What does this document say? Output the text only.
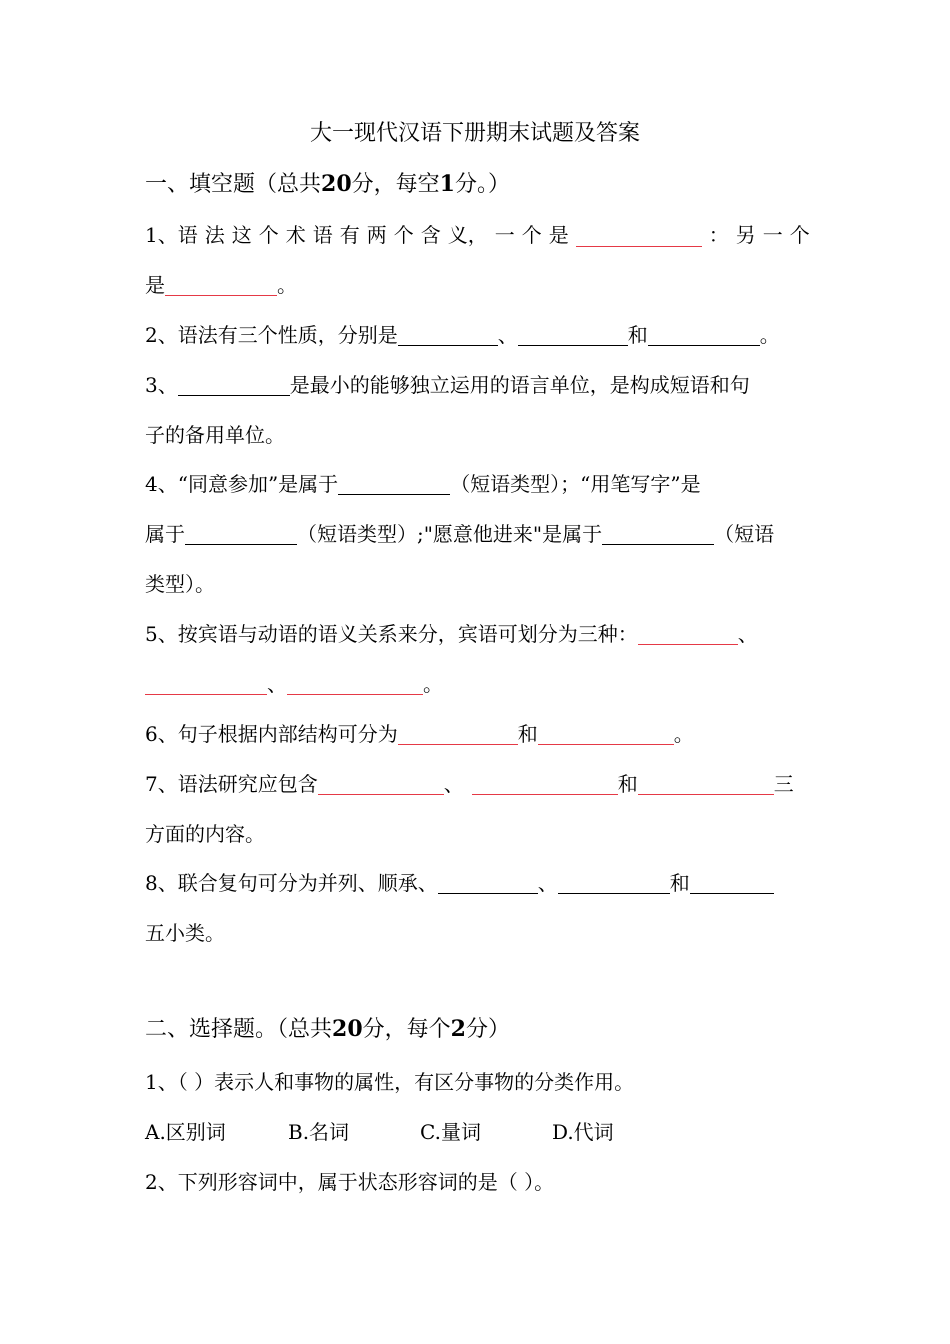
大一现代汉语下册期末试题及答案
一、填空题（总共20分，每空1分。）
1、语 法 这 个 术 语 有 两 个 含 义， 一 个 是	： 另 一 个
是	。
2、语法有三个性质，分别是	、	和	。
3、	是最小的能够独立运用的语言单位，是构成短语和句
子的备用单位。
4、“同意参加”是属于	（短语类型）；“用笔写字”是
属于	（短语类型）;"愿意他进来"是属于	（短语
类型）。
5、按宾语与动语的语义关系来分，宾语可划分为三种：	、
、	。
6、句子根据内部结构可分为	和	。
7、语法研究应包含	、	和	三
方面的内容。
8、联合复句可分为并列、顺承、	、	和
五小类。
二、选择题。（总共20分，每个2分）
1、（ ）表示人和事物的属性，有区分事物的分类作用。
A.区别词	B.名词	C.量词	D.代词
2、下列形容词中，属于状态形容词的是（ ）。
